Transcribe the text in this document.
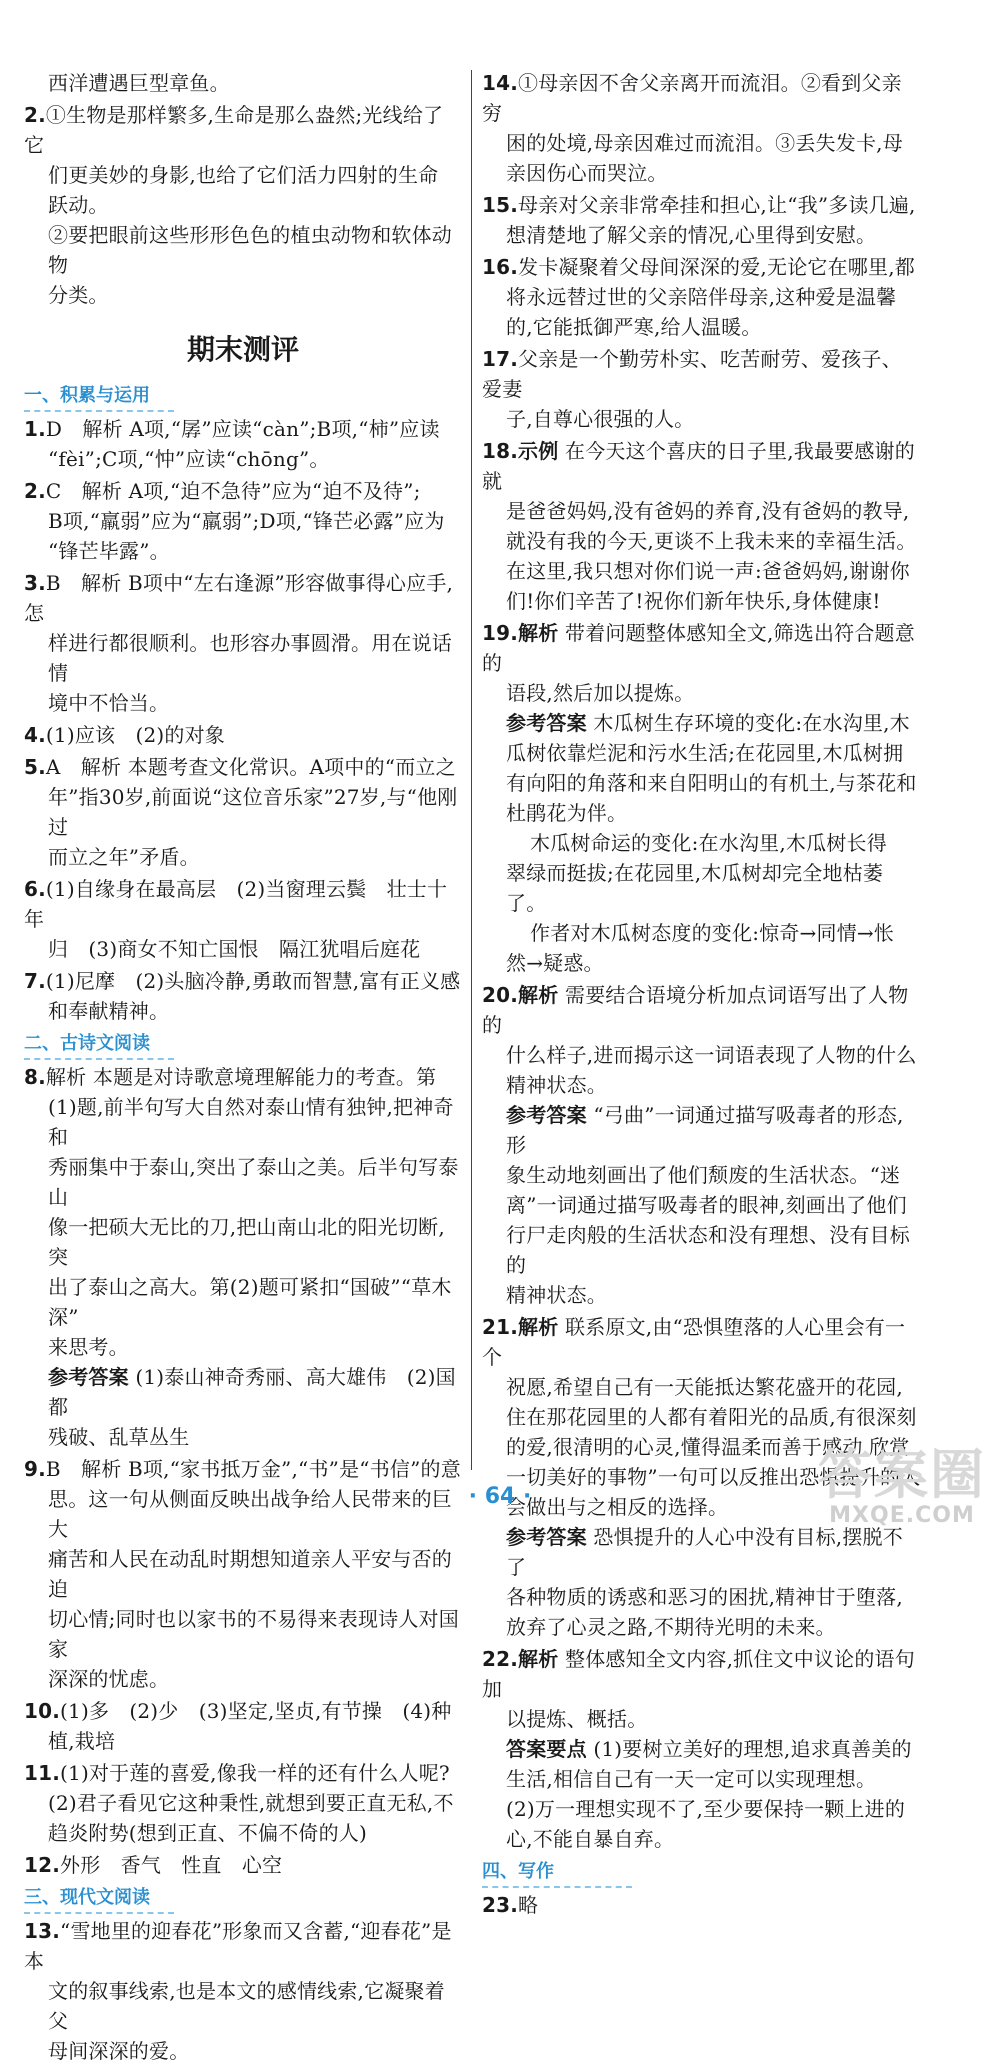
西洋遭遇巨型章鱼。
2.①生物是那样繁多,生命是那么盎然;光线给了它
们更美妙的身影,也给了它们活力四射的生命
跃动。
②要把眼前这些形形色色的植虫动物和软体动物
分类。
期末测评
一、积累与运用
1.D　解析 A项,“孱”应读“càn”;B项,“柿”应读
“fèi”;C项,“忡”应读“chōng”。
2.C　解析 A项,“迫不急待”应为“迫不及待”;
B项,“羸弱”应为“羸弱”;D项,“锋芒必露”应为
“锋芒毕露”。
3.B　解析 B项中“左右逢源”形容做事得心应手,怎
样进行都很顺利。也形容办事圆滑。用在说话情
境中不恰当。
4.(1)应该　(2)的对象
5.A　解析 本题考查文化常识。A项中的“而立之
年”指30岁,前面说“这位音乐家”27岁,与“他刚过
而立之年”矛盾。
6.(1)自缘身在最高层　(2)当窗理云鬓　壮士十年
归　(3)商女不知亡国恨　隔江犹唱后庭花
7.(1)尼摩　(2)头脑冷静,勇敢而智慧,富有正义感
和奉献精神。
二、古诗文阅读
8.解析 本题是对诗歌意境理解能力的考查。第
(1)题,前半句写大自然对泰山情有独钟,把神奇和
秀丽集中于泰山,突出了泰山之美。后半句写泰山
像一把硕大无比的刀,把山南山北的阳光切断,突
出了泰山之高大。第(2)题可紧扣“国破”“草木深”
来思考。
参考答案 (1)泰山神奇秀丽、高大雄伟　(2)国都
残破、乱草丛生
9.B　解析 B项,“家书抵万金”,“书”是“书信”的意
思。这一句从侧面反映出战争给人民带来的巨大
痛苦和人民在动乱时期想知道亲人平安与否的迫
切心情;同时也以家书的不易得来表现诗人对国家
深深的忧虑。
10.(1)多　(2)少　(3)坚定,坚贞,有节操　(4)种
植,栽培
11.(1)对于莲的喜爱,像我一样的还有什么人呢?
(2)君子看见它这种秉性,就想到要正直无私,不
趋炎附势(想到正直、不偏不倚的人)
12.外形　香气　性直　心空
三、现代文阅读
13.“雪地里的迎春花”形象而又含蓄,“迎春花”是本
文的叙事线索,也是本文的感情线索,它凝聚着父
母间深深的爱。
14.①母亲因不舍父亲离开而流泪。②看到父亲穷
困的处境,母亲因难过而流泪。③丢失发卡,母
亲因伤心而哭泣。
15.母亲对父亲非常牵挂和担心,让“我”多读几遍,
想清楚地了解父亲的情况,心里得到安慰。
16.发卡凝聚着父母间深深的爱,无论它在哪里,都
将永远替过世的父亲陪伴母亲,这种爱是温馨
的,它能抵御严寒,给人温暖。
17.父亲是一个勤劳朴实、吃苦耐劳、爱孩子、爱妻
子,自尊心很强的人。
18.示例 在今天这个喜庆的日子里,我最要感谢的就
是爸爸妈妈,没有爸妈的养育,没有爸妈的教导,
就没有我的今天,更谈不上我未来的幸福生活。
在这里,我只想对你们说一声:爸爸妈妈,谢谢你
们!你们辛苦了!祝你们新年快乐,身体健康!
19.解析 带着问题整体感知全文,筛选出符合题意的
语段,然后加以提炼。
参考答案 木瓜树生存环境的变化:在水沟里,木
瓜树依靠烂泥和污水生活;在花园里,木瓜树拥
有向阳的角落和来自阳明山的有机土,与茶花和
杜鹃花为伴。
木瓜树命运的变化:在水沟里,木瓜树长得
翠绿而挺拔;在花园里,木瓜树却完全地枯萎了。
作者对木瓜树态度的变化:惊奇→同情→怅
然→疑惑。
20.解析 需要结合语境分析加点词语写出了人物的
什么样子,进而揭示这一词语表现了人物的什么
精神状态。
参考答案 “弓曲”一词通过描写吸毒者的形态,形
象生动地刻画出了他们颓废的生活状态。“迷
离”一词通过描写吸毒者的眼神,刻画出了他们
行尸走肉般的生活状态和没有理想、没有目标的
精神状态。
21.解析 联系原文,由“恐惧堕落的人心里会有一个
祝愿,希望自己有一天能抵达繁花盛开的花园,
住在那花园里的人都有着阳光的品质,有很深刻
的爱,很清明的心灵,懂得温柔而善于感动,欣赏
一切美好的事物”一句可以反推出恐惧提升的人
会做出与之相反的选择。
参考答案 恐惧提升的人心中没有目标,摆脱不了
各种物质的诱惑和恶习的困扰,精神甘于堕落,
放弃了心灵之路,不期待光明的未来。
22.解析 整体感知全文内容,抓住文中议论的语句加
以提炼、概括。
答案要点 (1)要树立美好的理想,追求真善美的
生活,相信自己有一天一定可以实现理想。
(2)万一理想实现不了,至少要保持一颗上进的
心,不能自暴自弃。
四、写作
23.略
· 64 ·	答案圈
MXQE.COM
